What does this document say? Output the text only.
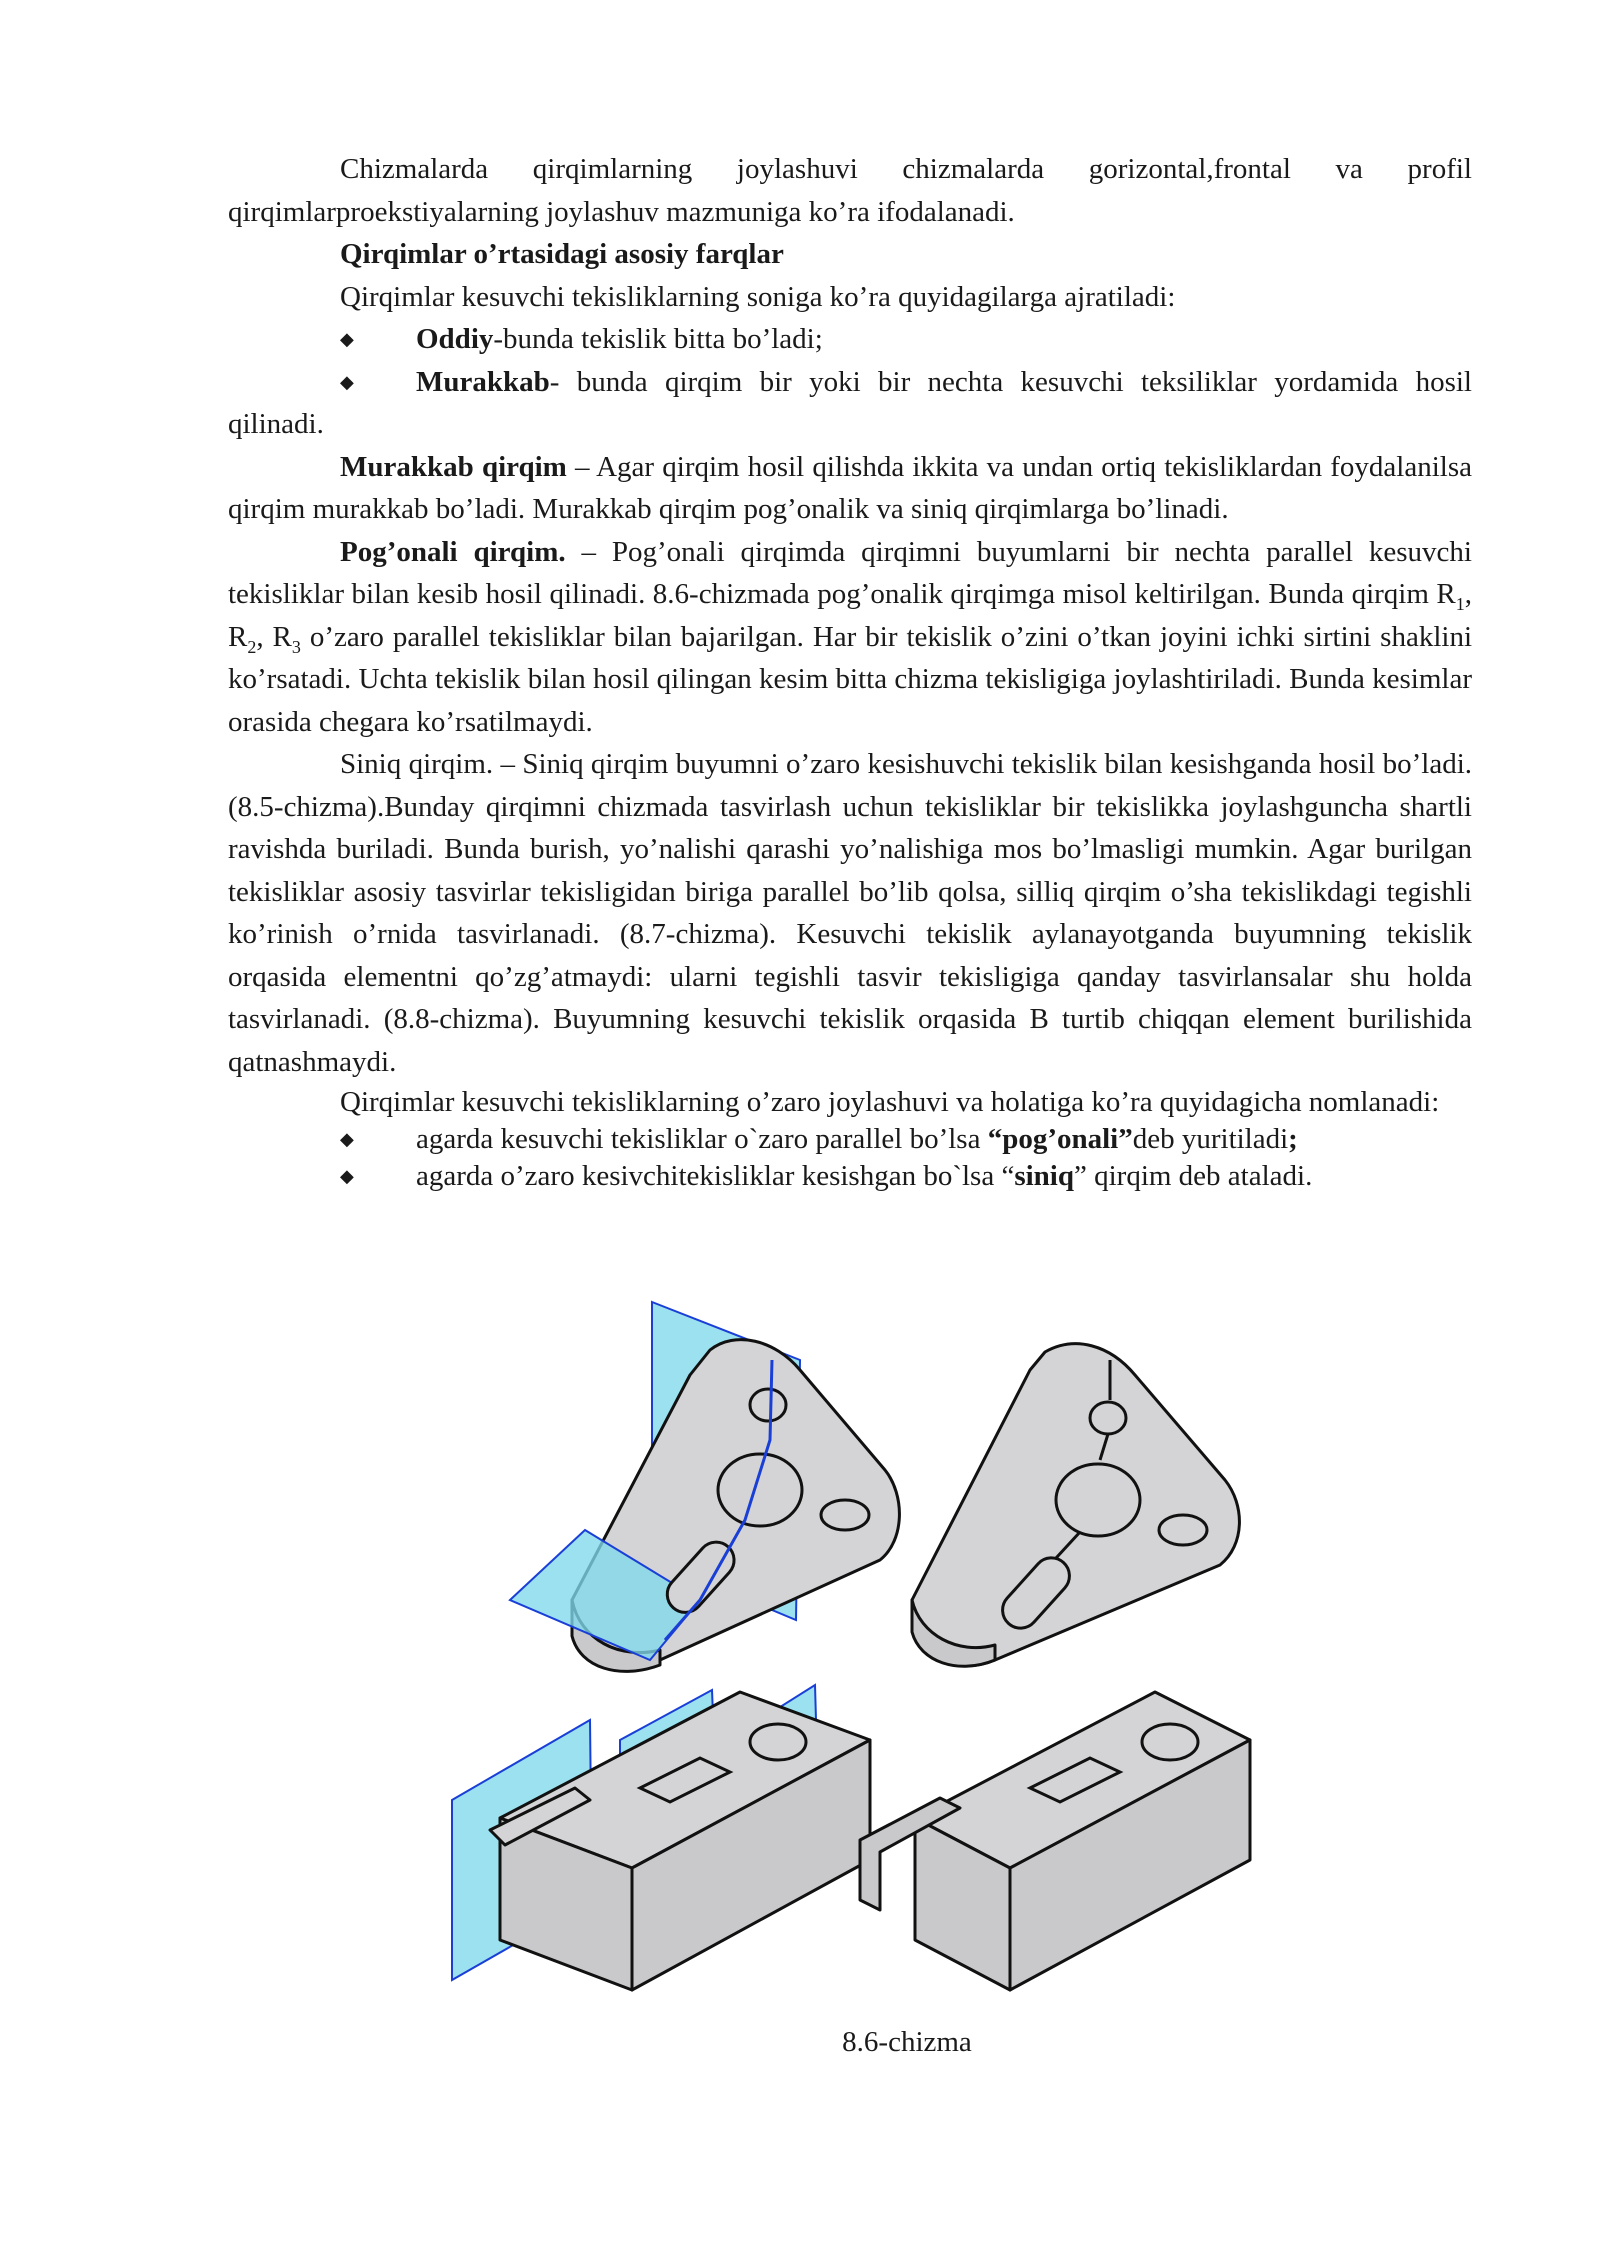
Chizmalarda qirqimlarning joylashuvi chizmalarda gorizontal,frontal va profil qirqimlarproekstiyalarning joylashuv mazmuniga ko’ra ifodalanadi.

Qirqimlar o’rtasidagi asosiy farqlar

Qirqimlar kesuvchi tekisliklarning soniga ko’ra quyidagilarga ajratiladi:

◆ Oddiy-bunda tekislik bitta bo’ladi;

◆ Murakkab- bunda qirqim bir yoki bir nechta kesuvchi teksiliklar yordamida hosil qilinadi.

Murakkab qirqim – Agar qirqim hosil qilishda ikkita va undan ortiq tekisliklardan foydalanilsa qirqim murakkab bo’ladi. Murakkab qirqim pog’onalik va siniq qirqimlarga bo’linadi.

Pog’onali qirqim. – Pog’onali qirqimda qirqimni buyumlarni bir nechta parallel kesuvchi tekisliklar bilan kesib hosil qilinadi. 8.6-chizmada pog’onalik qirqimga misol keltirilgan. Bunda qirqim $R_1$, $R_2$, $R_3$ o’zaro parallel tekisliklar bilan bajarilgan. Har bir tekislik o’zini o’tkan joyini ichki sirtini shaklini ko’rsatadi. Uchta tekislik bilan hosil qilingan kesim bitta chizma tekisligiga joylashtiriladi. Bunda kesimlar orasida chegara ko’rsatilmaydi.

Siniq qirqim. – Siniq qirqim buyumni o’zaro kesishuvchi tekislik bilan kesishganda hosil bo’ladi. (8.5-chizma).Bunday qirqimni chizmada tasvirlash uchun tekisliklar bir tekislikka joylashguncha shartli ravishda buriladi. Bunda burish, yo’nalishi qarashi yo’nalishiga mos bo’lmasligi mumkin. Agar burilgan tekisliklar asosiy tasvirlar tekisligidan biriga parallel bo’lib qolsa, silliq qirqim o’sha tekislikdagi tegishli ko’rinish o’rnida tasvirlanadi. (8.7-chizma). Kesuvchi tekislik aylanayotganda buyumning tekislik orqasida elementni qo’zg’atmaydi: ularni tegishli tasvir tekisligiga qanday tasvirlansalar shu holda tasvirlanadi. (8.8-chizma). Buyumning kesuvchi tekislik orqasida B turtib chiqqan element burilishida qatnashmaydi.

Qirqimlar kesuvchi tekisliklarning o’zaro joylashuvi va holatiga ko’ra quyidagicha nomlanadi:

◆ agarda kesuvchi tekisliklar o`zaro parallel bo’lsa “pog’onali”deb yuritiladi;

◆ agarda o’zaro kesivchitekisliklar kesishgan bo`lsa “siniq” qirqim deb ataladi.

8.6-chizma
